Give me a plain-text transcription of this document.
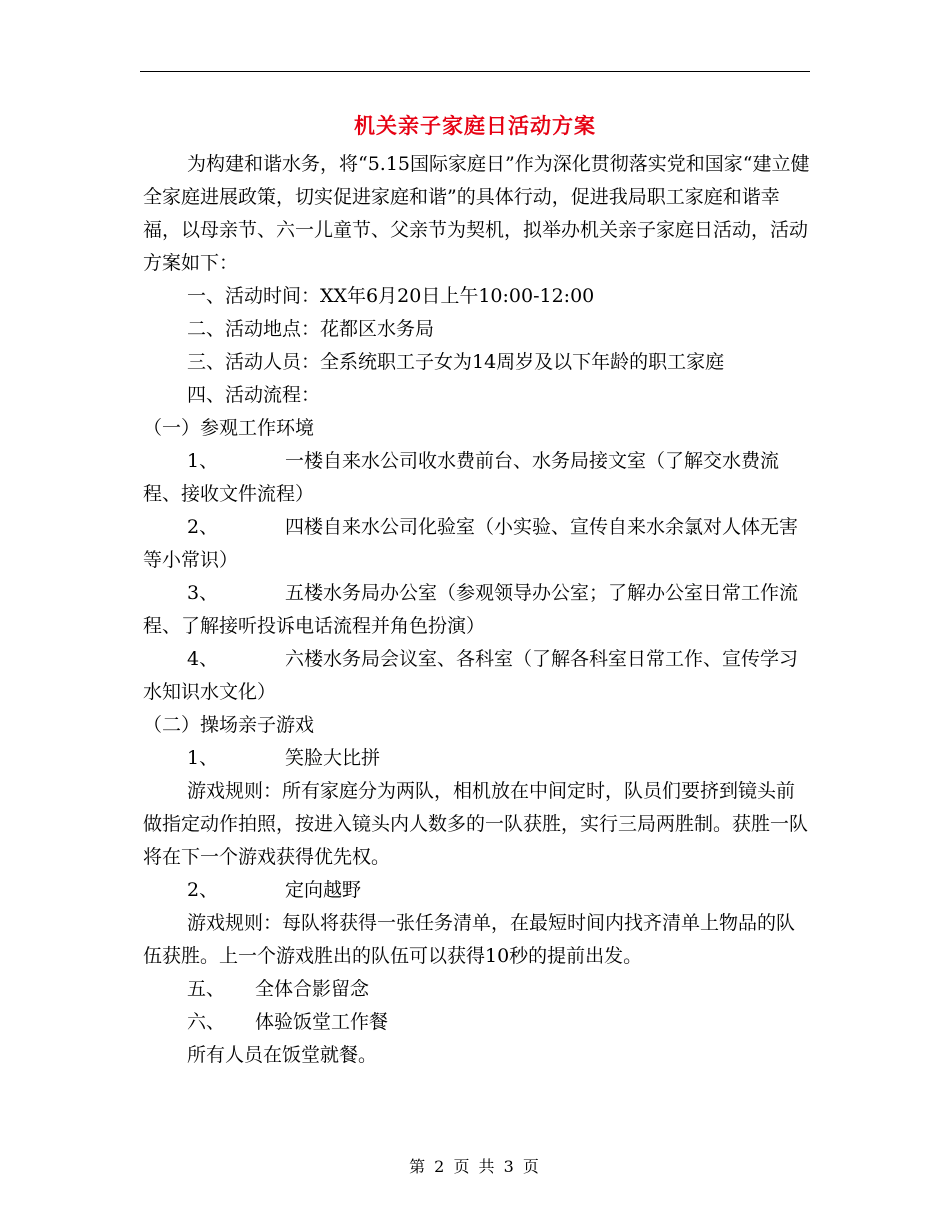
机关亲子家庭日活动方案

为构建和谐水务，将“5.15国际家庭日”作为深化贯彻落实党和国家“建立健全家庭进展政策，切实促进家庭和谐”的具体行动，促进我局职工家庭和谐幸福，以母亲节、六一儿童节、父亲节为契机，拟举办机关亲子家庭日活动，活动方案如下：

一、活动时间：XX年6月20日上午10:00-12:00

二、活动地点：花都区水务局

三、活动人员：全系统职工子女为14周岁及以下年龄的职工家庭

四、活动流程：

（一）参观工作环境

1、	一楼自来水公司收水费前台、水务局接文室（了解交水费流程、接收文件流程）

2、	四楼自来水公司化验室（小实验、宣传自来水余氯对人体无害等小常识）

3、	五楼水务局办公室（参观领导办公室；了解办公室日常工作流程、了解接听投诉电话流程并角色扮演）

4、	六楼水务局会议室、各科室（了解各科室日常工作、宣传学习水知识水文化）

（二）操场亲子游戏

1、	笑脸大比拼

游戏规则：所有家庭分为两队，相机放在中间定时，队员们要挤到镜头前做指定动作拍照，按进入镜头内人数多的一队获胜，实行三局两胜制。获胜一队将在下一个游戏获得优先权。

2、	定向越野

游戏规则：每队将获得一张任务清单，在最短时间内找齐清单上物品的队伍获胜。上一个游戏胜出的队伍可以获得10秒的提前出发。

五、 全体合影留念

六、 体验饭堂工作餐

所有人员在饭堂就餐。

第 2 页 共 3 页
